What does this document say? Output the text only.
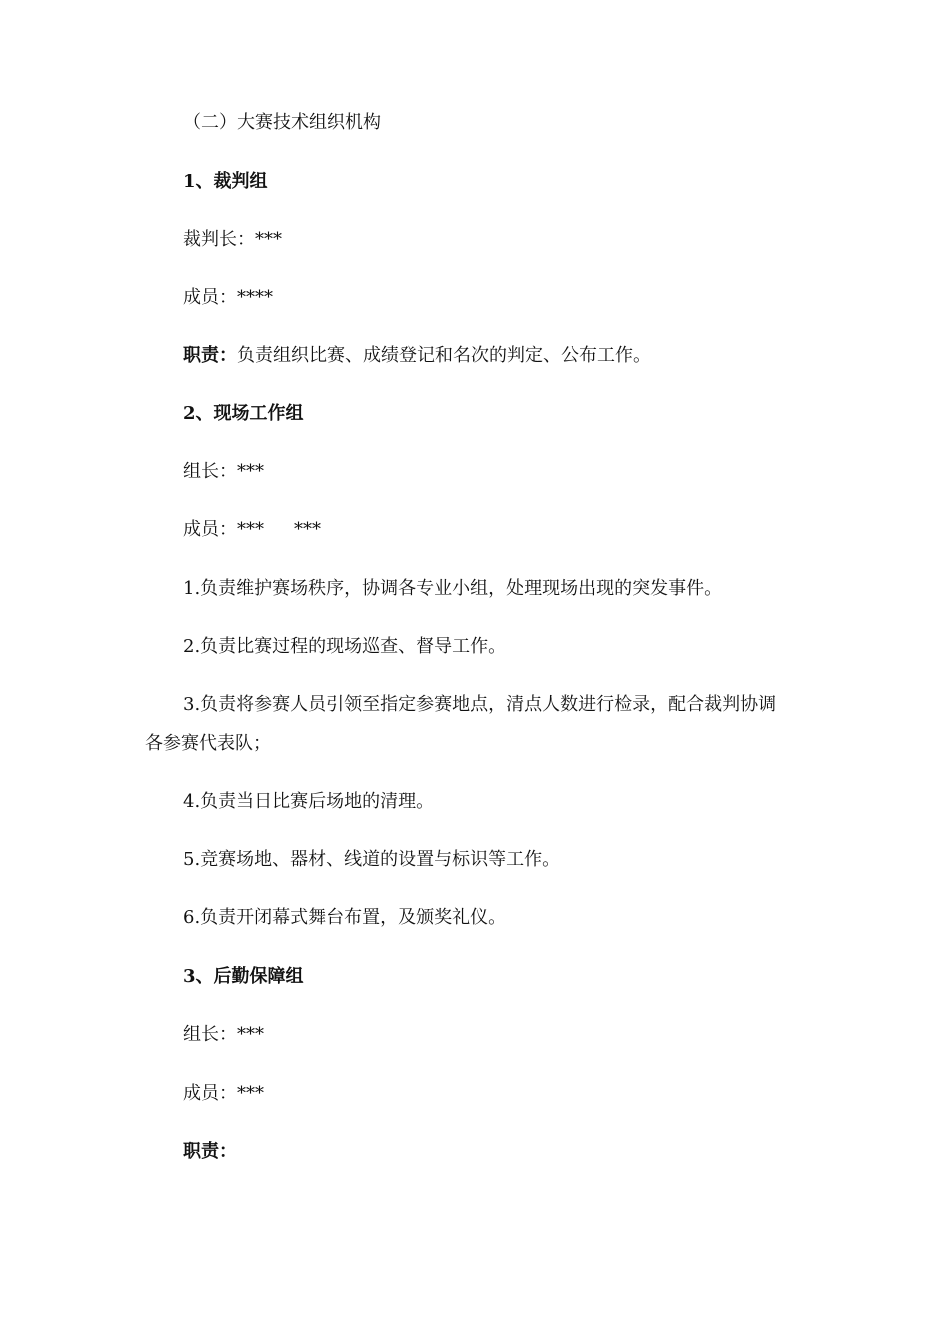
（二）大赛技术组织机构
1、裁判组
裁判长：***
成员：****
职责：负责组织比赛、成绩登记和名次的判定、公布工作。
2、现场工作组
组长：***
成员：*** ***
1.负责维护赛场秩序，协调各专业小组，处理现场出现的突发事件。
2.负责比赛过程的现场巡查、督导工作。
3.负责将参赛人员引领至指定参赛地点，清点人数进行检录，配合裁判协调
各参赛代表队；
4.负责当日比赛后场地的清理。
5.竞赛场地、器材、线道的设置与标识等工作。
6.负责开闭幕式舞台布置，及颁奖礼仪。
3、后勤保障组
组长：***
成员：***
职责：
